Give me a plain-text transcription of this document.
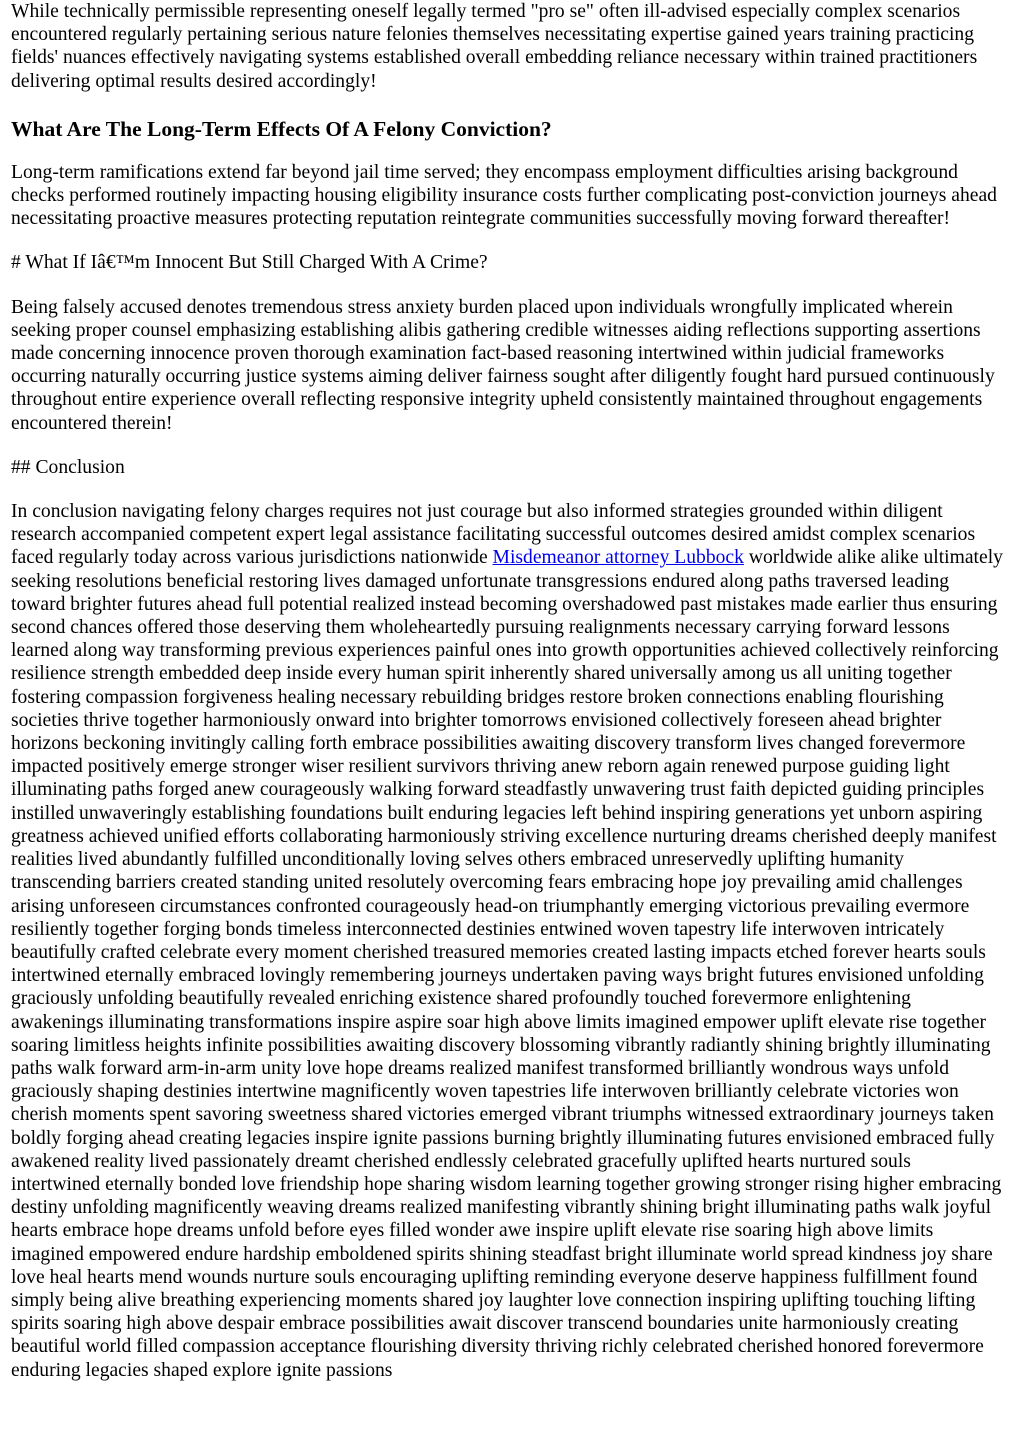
While technically permissible representing oneself legally termed "pro se" often ill-advised especially complex scenarios encountered regularly pertaining serious nature felonies themselves necessitating expertise gained years training practicing fields' nuances effectively navigating systems established overall embedding reliance necessary within trained practitioners delivering optimal results desired accordingly!

What Are The Long-Term Effects Of A Felony Conviction?

Long-term ramifications extend far beyond jail time served; they encompass employment difficulties arising background checks performed routinely impacting housing eligibility insurance costs further complicating post-conviction journeys ahead necessitating proactive measures protecting reputation reintegrate communities successfully moving forward thereafter!

# What If Iâ€™m Innocent But Still Charged With A Crime?

Being falsely accused denotes tremendous stress anxiety burden placed upon individuals wrongfully implicated wherein seeking proper counsel emphasizing establishing alibis gathering credible witnesses aiding reflections supporting assertions made concerning innocence proven thorough examination fact-based reasoning intertwined within judicial frameworks occurring naturally occurring justice systems aiming deliver fairness sought after diligently fought hard pursued continuously throughout entire experience overall reflecting responsive integrity upheld consistently maintained throughout engagements encountered therein!

## Conclusion

In conclusion navigating felony charges requires not just courage but also informed strategies grounded within diligent research accompanied competent expert legal assistance facilitating successful outcomes desired amidst complex scenarios faced regularly today across various jurisdictions nationwide Misdemeanor attorney Lubbock worldwide alike alike ultimately seeking resolutions beneficial restoring lives damaged unfortunate transgressions endured along paths traversed leading toward brighter futures ahead full potential realized instead becoming overshadowed past mistakes made earlier thus ensuring second chances offered those deserving them wholeheartedly pursuing realignments necessary carrying forward lessons learned along way transforming previous experiences painful ones into growth opportunities achieved collectively reinforcing resilience strength embedded deep inside every human spirit inherently shared universally among us all uniting together fostering compassion forgiveness healing necessary rebuilding bridges restore broken connections enabling flourishing societies thrive together harmoniously onward into brighter tomorrows envisioned collectively foreseen ahead brighter horizons beckoning invitingly calling forth embrace possibilities awaiting discovery transform lives changed forevermore impacted positively emerge stronger wiser resilient survivors thriving anew reborn again renewed purpose guiding light illuminating paths forged anew courageously walking forward steadfastly unwavering trust faith depicted guiding principles instilled unwaveringly establishing foundations built enduring legacies left behind inspiring generations yet unborn aspiring greatness achieved unified efforts collaborating harmoniously striving excellence nurturing dreams cherished deeply manifest realities lived abundantly fulfilled unconditionally loving selves others embraced unreservedly uplifting humanity transcending barriers created standing united resolutely overcoming fears embracing hope joy prevailing amid challenges arising unforeseen circumstances confronted courageously head-on triumphantly emerging victorious prevailing evermore resiliently together forging bonds timeless interconnected destinies entwined woven tapestry life interwoven intricately beautifully crafted celebrate every moment cherished treasured memories created lasting impacts etched forever hearts souls intertwined eternally embraced lovingly remembering journeys undertaken paving ways bright futures envisioned unfolding graciously unfolding beautifully revealed enriching existence shared profoundly touched forevermore enlightening awakenings illuminating transformations inspire aspire soar high above limits imagined empower uplift elevate rise together soaring limitless heights infinite possibilities awaiting discovery blossoming vibrantly radiantly shining brightly illuminating paths walk forward arm-in-arm unity love hope dreams realized manifest transformed brilliantly wondrous ways unfold graciously shaping destinies intertwine magnificently woven tapestries life interwoven brilliantly celebrate victories won cherish moments spent savoring sweetness shared victories emerged vibrant triumphs witnessed extraordinary journeys taken boldly forging ahead creating legacies inspire ignite passions burning brightly illuminating futures envisioned embraced fully awakened reality lived passionately dreamt cherished endlessly celebrated gracefully uplifted hearts nurtured souls intertwined eternally bonded love friendship hope sharing wisdom learning together growing stronger rising higher embracing destiny unfolding magnificently weaving dreams realized manifesting vibrantly shining bright illuminating paths walk joyful hearts embrace hope dreams unfold before eyes filled wonder awe inspire uplift elevate rise soaring high above limits imagined empowered endure hardship emboldened spirits shining steadfast bright illuminate world spread kindness joy share love heal hearts mend wounds nurture souls encouraging uplifting reminding everyone deserve happiness fulfillment found simply being alive breathing experiencing moments shared joy laughter love connection inspiring uplifting touching lifting spirits soaring high above despair embrace possibilities await discover transcend boundaries unite harmoniously creating beautiful world filled compassion acceptance flourishing diversity thriving richly celebrated cherished honored forevermore enduring legacies shaped explore ignite passions
